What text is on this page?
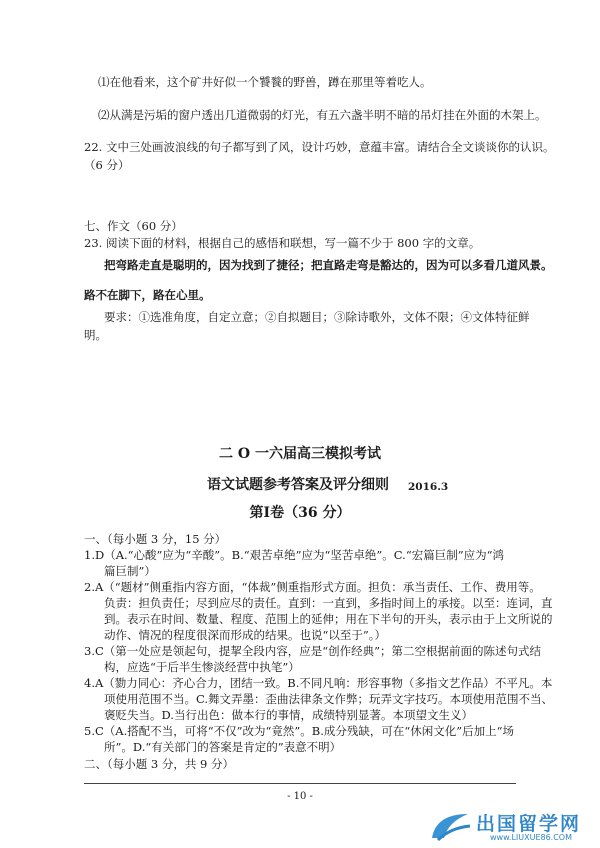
⑴在他看来，这个矿井好似一个饕餮的野兽，蹲在那里等着吃人。
⑵从满是污垢的窗户透出几道微弱的灯光，有五六盏半明不暗的吊灯挂在外面的木架上。
22. 文中三处画波浪线的句子都写到了风，设计巧妙，意蕴丰富。请结合全文谈谈你的认识。
（6 分）
七、作文（60 分）
23. 阅读下面的材料，根据自己的感悟和联想，写一篇不少于 800 字的文章。
把弯路走直是聪明的，因为找到了捷径；把直路走弯是豁达的，因为可以多看几道风景。
路不在脚下，路在心里。
要求：①选准角度，自定立意；②自拟题目；③除诗歌外，文体不限；④文体特征鲜
明。
二 O 一六届高三模拟考试
语文试题参考答案及评分细则 2016.3
第Ⅰ卷（36 分）
一、（每小题 3 分，15 分）
1.D（A.“心酸”应为“辛酸”。B.“艰苦卓绝”应为“坚苦卓绝”。C.“宏篇巨制”应为“鸿
篇巨制”）
2.A（“题材”侧重指内容方面，“体裁”侧重指形式方面。担负：承当责任、工作、费用等。
负责：担负责任；尽到应尽的责任。直到：一直到，多指时间上的承接。以至：连词，直
到。表示在时间、数量、程度、范围上的延伸；用在下半句的开头，表示由于上文所说的
动作、情况的程度很深而形成的结果。也说“以至于”。）
3.C（第一处应是领起句，提挈全段内容，应是“创作经典”；第二空根据前面的陈述句式结
构，应选“于后半生惨淡经营中执笔”）
4.A（勠力同心：齐心合力，团结一致。B.不同凡响：形容事物（多指文艺作品）不平凡。本
项使用范围不当。C.舞文弄墨：歪曲法律条文作弊；玩弄文字技巧。本项使用范围不当、
褒贬失当。D.当行出色：做本行的事情，成绩特别显著。本项望文生义）
5.C（A.搭配不当，可将“不仅”改为“竟然”。B.成分残缺，可在“休闲文化”后加上“场
所”。D.“有关部门的答案是肯定的”表意不明）
二、（每小题 3 分，共 9 分）
- 10 -
出国留学网
www.LIUXUE86.COM
